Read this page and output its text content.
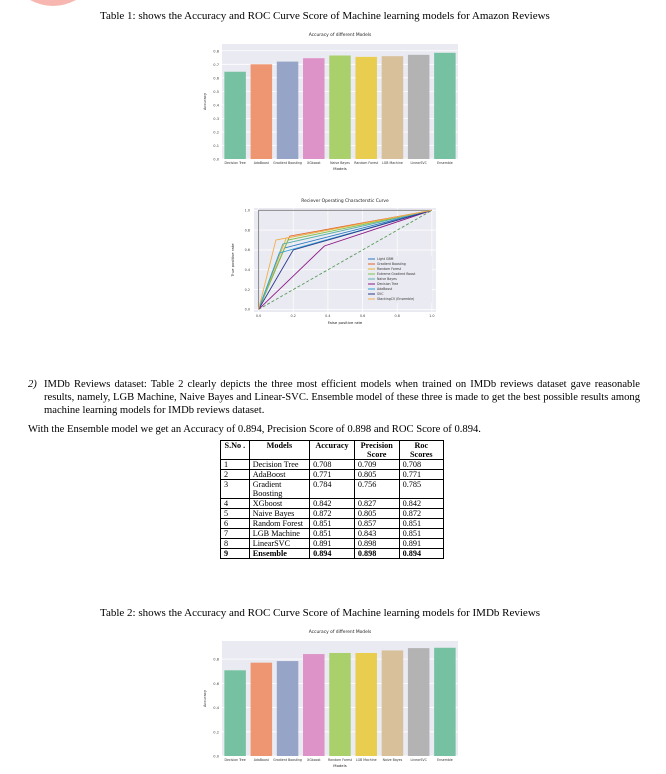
Table 1: shows the Accuracy and ROC Curve Score of Machine learning models for Amazon Reviews
0.0
0.1
0.2
0.3
0.4
0.5
0.6
0.7
0.8
Decision Tree	AdaBoost Gradient Boosting XGboost	Naive Bayes Random Forest LGB Machine LinearSVC	Ensemble
Accuracy of different Models
Models
Accuracy
0.0
0.0
0.2
0.2
0.4
0.4
0.6
0.6
0.8
0.8
1.0
1.0
Light GBM
Gradient Boosting
Random Forest
Extreme Gradient Boost
Naive Bayes
Decision Tree
AdaBoost
SVC
StackingCV (Ensemble)
Reciever Operating Characterstic Curve
False positive rate
True positive rate
2) IMDb Reviews dataset: Table 2 clearly depicts the three most efficient models when trained on IMDb reviews dataset gave reasonable results, namely, LGB Machine, Naive Bayes and Linear-SVC. Ensemble model of these three is made to get the best possible results among machine learning models for IMDb reviews dataset.
With the Ensemble model we get an Accuracy of 0.894, Precision Score of 0.898 and ROC Score of 0.894.
S.No .	Models	Accuracy	Precision Score	Roc Scores
1	Decision Tree	0.708	0.709	0.708
2	AdaBoost	0.771	0.805	0.771
3	Gradient Boosting	0.784	0.756	0.785
4	XGboost	0.842	0.827	0.842
5	Naive Bayes	0.872	0.805	0.872
6	Random Forest	0.851	0.857	0.851
7	LGB Machine	0.851	0.843	0.851
8	LinearSVC	0.891	0.898	0.891
9	Ensemble	0.894	0.898	0.894
Table 2: shows the Accuracy and ROC Curve Score of Machine learning models for IMDb Reviews
0.0
0.2
0.4
0.6
0.8
Decision Tree	AdaBoost Gradient Boosting XGboost Random Forest LGB Machine Naive Bayes	LinearSVC	Ensemble
Accuracy of different Models
Models
Accuracy
